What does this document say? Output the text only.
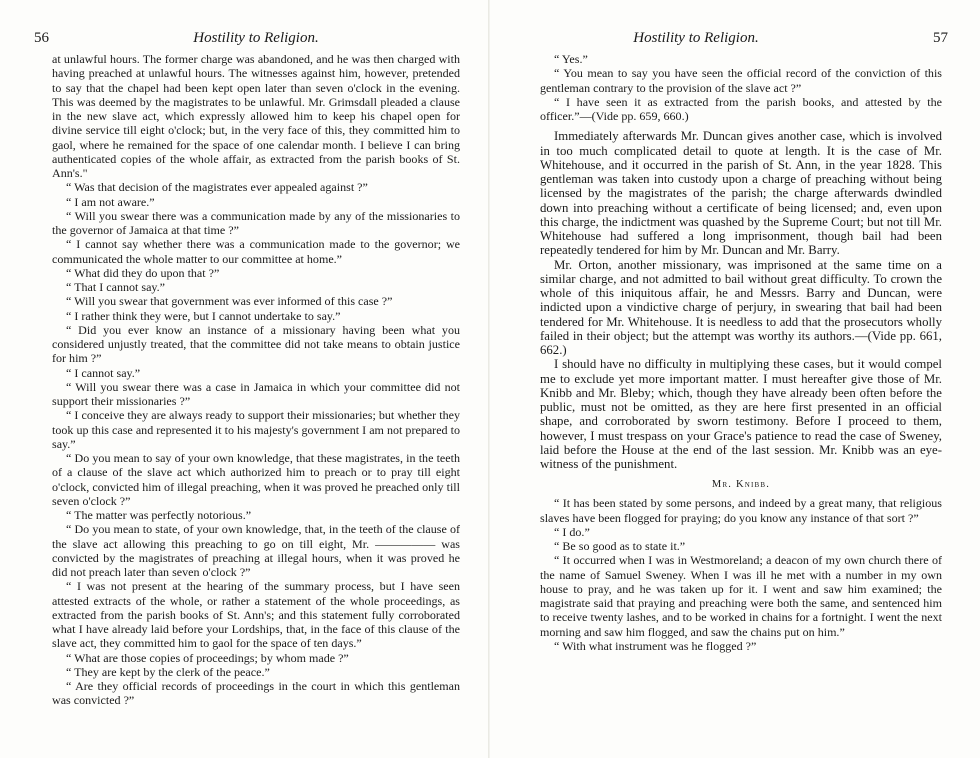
56	Hostility to Religion.

at unlawful hours. The former charge was abandoned, and he was then charged with having preached at unlawful hours. The witnesses against him, however, pretended to say that the chapel had been kept open later than seven o'clock in the evening. This was deemed by the magistrates to be unlawful. Mr. Grimsdall pleaded a clause in the new slave act, which expressly allowed him to keep his chapel open for divine service till eight o'clock; but, in the very face of this, they committed him to gaol, where he remained for the space of one calendar month. I believe I can bring authenticated copies of the whole affair, as extracted from the parish books of St. Ann's."

“ Was that decision of the magistrates ever appealed against ?”

“ I am not aware.”

“ Will you swear there was a communication made by any of the missionaries to the governor of Jamaica at that time ?”

“ I cannot say whether there was a communication made to the governor; we communicated the whole matter to our committee at home.”

“ What did they do upon that ?”

“ That I cannot say.”

“ Will you swear that government was ever informed of this case ?”

“ I rather think they were, but I cannot undertake to say.”

“ Did you ever know an instance of a missionary having been what you considered unjustly treated, that the committee did not take means to obtain justice for him ?”

“ I cannot say.”

“ Will you swear there was a case in Jamaica in which your committee did not support their missionaries ?”

“ I conceive they are always ready to support their missionaries; but whether they took up this case and represented it to his majesty's government I am not prepared to say.”

“ Do you mean to say of your own knowledge, that these magistrates, in the teeth of a clause of the slave act which authorized him to preach or to pray till eight o'clock, convicted him of illegal preaching, when it was proved he preached only till seven o'clock ?”

“ The matter was perfectly notorious.”

“ Do you mean to state, of your own knowledge, that, in the teeth of the clause of the slave act allowing this preaching to go on till eight, Mr. ――――― was convicted by the magistrates of preaching at illegal hours, when it was proved he did not preach later than seven o'clock ?”

“ I was not present at the hearing of the summary process, but I have seen attested extracts of the whole, or rather a statement of the whole proceedings, as extracted from the parish books of St. Ann's; and this statement fully corroborated what I have already laid before your Lordships, that, in the face of this clause of the slave act, they committed him to gaol for the space of ten days.”

“ What are those copies of proceedings; by whom made ?”

“ They are kept by the clerk of the peace.”

“ Are they official records of proceedings in the court in which this gentleman was convicted ?”

Hostility to Religion.	57

“ Yes.”

“ You mean to say you have seen the official record of the conviction of this gentleman contrary to the provision of the slave act ?”

“ I have seen it as extracted from the parish books, and attested by the officer.”—(Vide pp. 659, 660.)

Immediately afterwards Mr. Duncan gives another case, which is involved in too much complicated detail to quote at length. It is the case of Mr. Whitehouse, and it occurred in the parish of St. Ann, in the year 1828. This gentleman was taken into custody upon a charge of preaching without being licensed by the magistrates of the parish; the charge afterwards dwindled down into preaching without a certificate of being licensed; and, even upon this charge, the indictment was quashed by the Supreme Court; but not till Mr. Whitehouse had suffered a long imprisonment, though bail had been repeatedly tendered for him by Mr. Duncan and Mr. Barry.

Mr. Orton, another missionary, was imprisoned at the same time on a similar charge, and not admitted to bail without great difficulty. To crown the whole of this iniquitous affair, he and Messrs. Barry and Duncan, were indicted upon a vindictive charge of perjury, in swearing that bail had been tendered for Mr. Whitehouse. It is needless to add that the prosecutors wholly failed in their object; but the attempt was worthy its authors.—(Vide pp. 661, 662.)

I should have no difficulty in multiplying these cases, but it would compel me to exclude yet more important matter. I must hereafter give those of Mr. Knibb and Mr. Bleby; which, though they have already been often before the public, must not be omitted, as they are here first presented in an official shape, and corroborated by sworn testimony. Before I proceed to them, however, I must trespass on your Grace's patience to read the case of Sweney, laid before the House at the end of the last session. Mr. Knibb was an eye-witness of the punishment.

Mr. Knibb.

“ It has been stated by some persons, and indeed by a great many, that religious slaves have been flogged for praying; do you know any instance of that sort ?”

“ I do.”

“ Be so good as to state it.”

“ It occurred when I was in Westmoreland; a deacon of my own church there of the name of Samuel Sweney. When I was ill he met with a number in my own house to pray, and he was taken up for it. I went and saw him examined; the magistrate said that praying and preaching were both the same, and sentenced him to receive twenty lashes, and to be worked in chains for a fortnight. I went the next morning and saw him flogged, and saw the chains put on him.”

“ With what instrument was he flogged ?”
